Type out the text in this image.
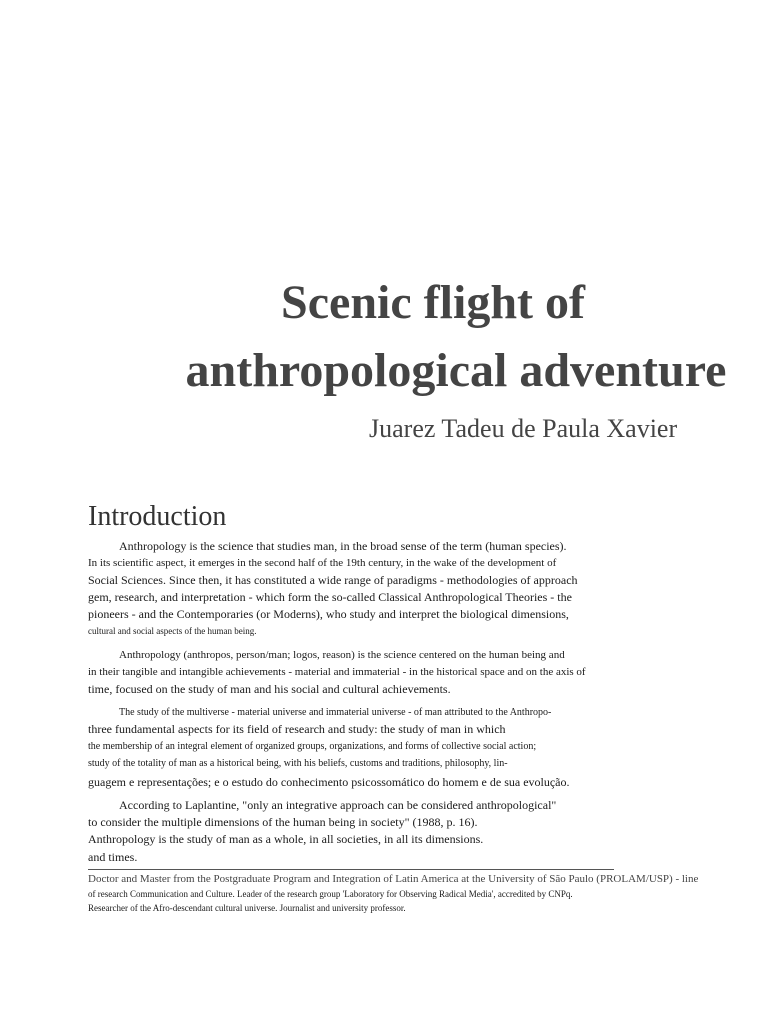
Scenic flight of
anthropological adventure
Juarez Tadeu de Paula Xavier
Introduction
Anthropology is the science that studies man, in the broad sense of the term (human species).
In its scientific aspect, it emerges in the second half of the 19th century, in the wake of the development of
Social Sciences. Since then, it has constituted a wide range of paradigms - methodologies of approach
gem, research, and interpretation - which form the so-called Classical Anthropological Theories - the
pioneers - and the Contemporaries (or Moderns), who study and interpret the biological dimensions,
cultural and social aspects of the human being.
Anthropology (anthropos, person/man; logos, reason) is the science centered on the human being and
in their tangible and intangible achievements - material and immaterial - in the historical space and on the axis of
time, focused on the study of man and his social and cultural achievements.
The study of the multiverse - material universe and immaterial universe - of man attributed to the Anthropo-
three fundamental aspects for its field of research and study: the study of man in which
the membership of an integral element of organized groups, organizations, and forms of collective social action;
study of the totality of man as a historical being, with his beliefs, customs and traditions, philosophy, lin-
guagem e representações; e o estudo do conhecimento psicossomático do homem e de sua evolução.
According to Laplantine, "only an integrative approach can be considered anthropological"
to consider the multiple dimensions of the human being in society" (1988, p. 16).
Anthropology is the study of man as a whole, in all societies, in all its dimensions.
and times.
Doctor and Master from the Postgraduate Program and Integration of Latin America at the University of São Paulo (PROLAM/USP) - line
of research Communication and Culture. Leader of the research group 'Laboratory for Observing Radical Media', accredited by CNPq.
Researcher of the Afro-descendant cultural universe. Journalist and university professor.
